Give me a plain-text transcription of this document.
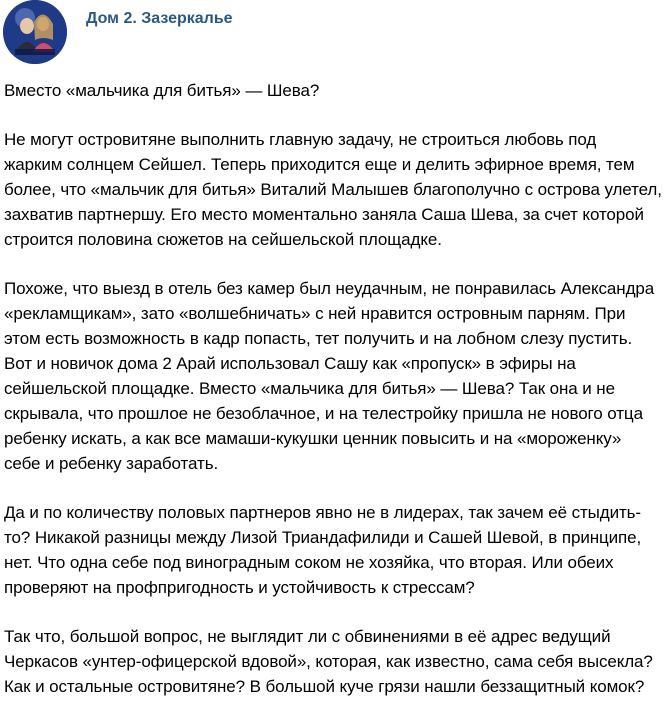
Дом 2. Зазеркалье

Вместо «мальчика для битья» — Шева?

Не могут островитяне выполнить главную задачу, не строиться любовь под
жарким солнцем Сейшел. Теперь приходится еще и делить эфирное время, тем
более, что «мальчик для битья» Виталий Малышев благополучно с острова улетел,
захватив партнершу. Его место моментально заняла Саша Шева, за счет которой
строится половина сюжетов на сейшельской площадке.

Похоже, что выезд в отель без камер был неудачным, не понравилась Александра
«рекламщикам», зато «волшебничать» с ней нравится островным парням. При
этом есть возможность в кадр попасть, тет получить и на лобном слезу пустить.
Вот и новичок дома 2 Арай использовал Сашу как «пропуск» в эфиры на
сейшельской площадке. Вместо «мальчика для битья» — Шева? Так она и не
скрывала, что прошлое не безоблачное, и на телестройку пришла не нового отца
ребенку искать, а как все мамаши-кукушки ценник повысить и на «мороженку»
себе и ребенку заработать.

Да и по количеству половых партнеров явно не в лидерах, так зачем её стыдить-
то? Никакой разницы между Лизой Триандафилиди и Сашей Шевой, в принципе,
нет. Что одна себе под виноградным соком не хозяйка, что вторая. Или обеих
проверяют на профпригодность и устойчивость к стрессам?

Так что, большой вопрос, не выглядит ли с обвинениями в её адрес ведущий
Черкасов «унтер-офицерской вдовой», которая, как известно, сама себя высекла?
Как и остальные островитяне? В большой куче грязи нашли беззащитный комок?
